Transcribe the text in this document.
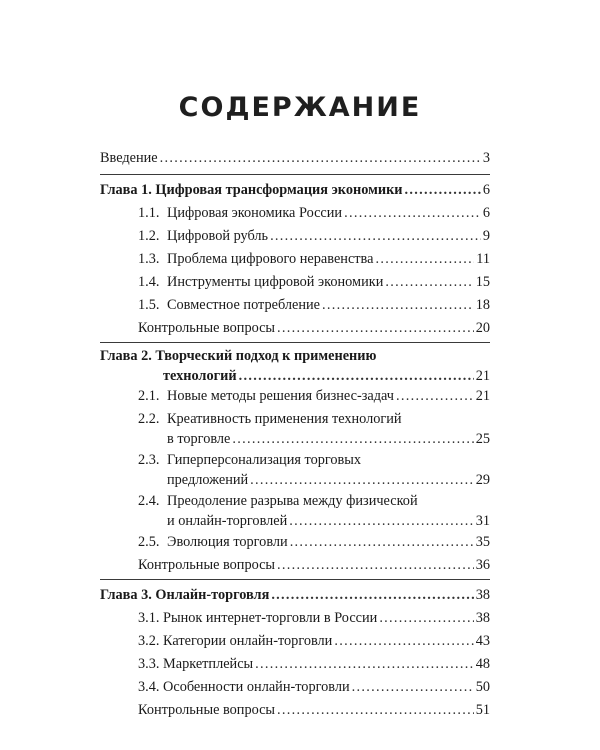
СОДЕРЖАНИЕ
Введение .....	3
Глава 1. Цифровая трансформация экономики .....	6
1.1. Цифровая экономика России .....	6
1.2. Цифровой рубль .....	9
1.3. Проблема цифрового неравенства .....	11
1.4. Инструменты цифровой экономики .....	15
1.5. Совместное потребление .....	18
Контрольные вопросы .....	20
Глава 2. Творческий подход к применению
технологий .....	21
2.1. Новые методы решения бизнес-задач .....	21
2.2. Креативность применения технологий
в торговле .....	25
2.3. Гиперперсонализация торговых
предложений .....	29
2.4. Преодоление разрыва между физической
и онлайн-торговлей .....	31
2.5. Эволюция торговли .....	35
Контрольные вопросы .....	36
Глава 3. Онлайн-торговля .....	38
3.1. Рынок интернет-торговли в России .....	38
3.2. Категории онлайн-торговли .....	43
3.3. Маркетплейсы .....	48
3.4. Особенности онлайн-торговли .....	50
Контрольные вопросы .....	51
